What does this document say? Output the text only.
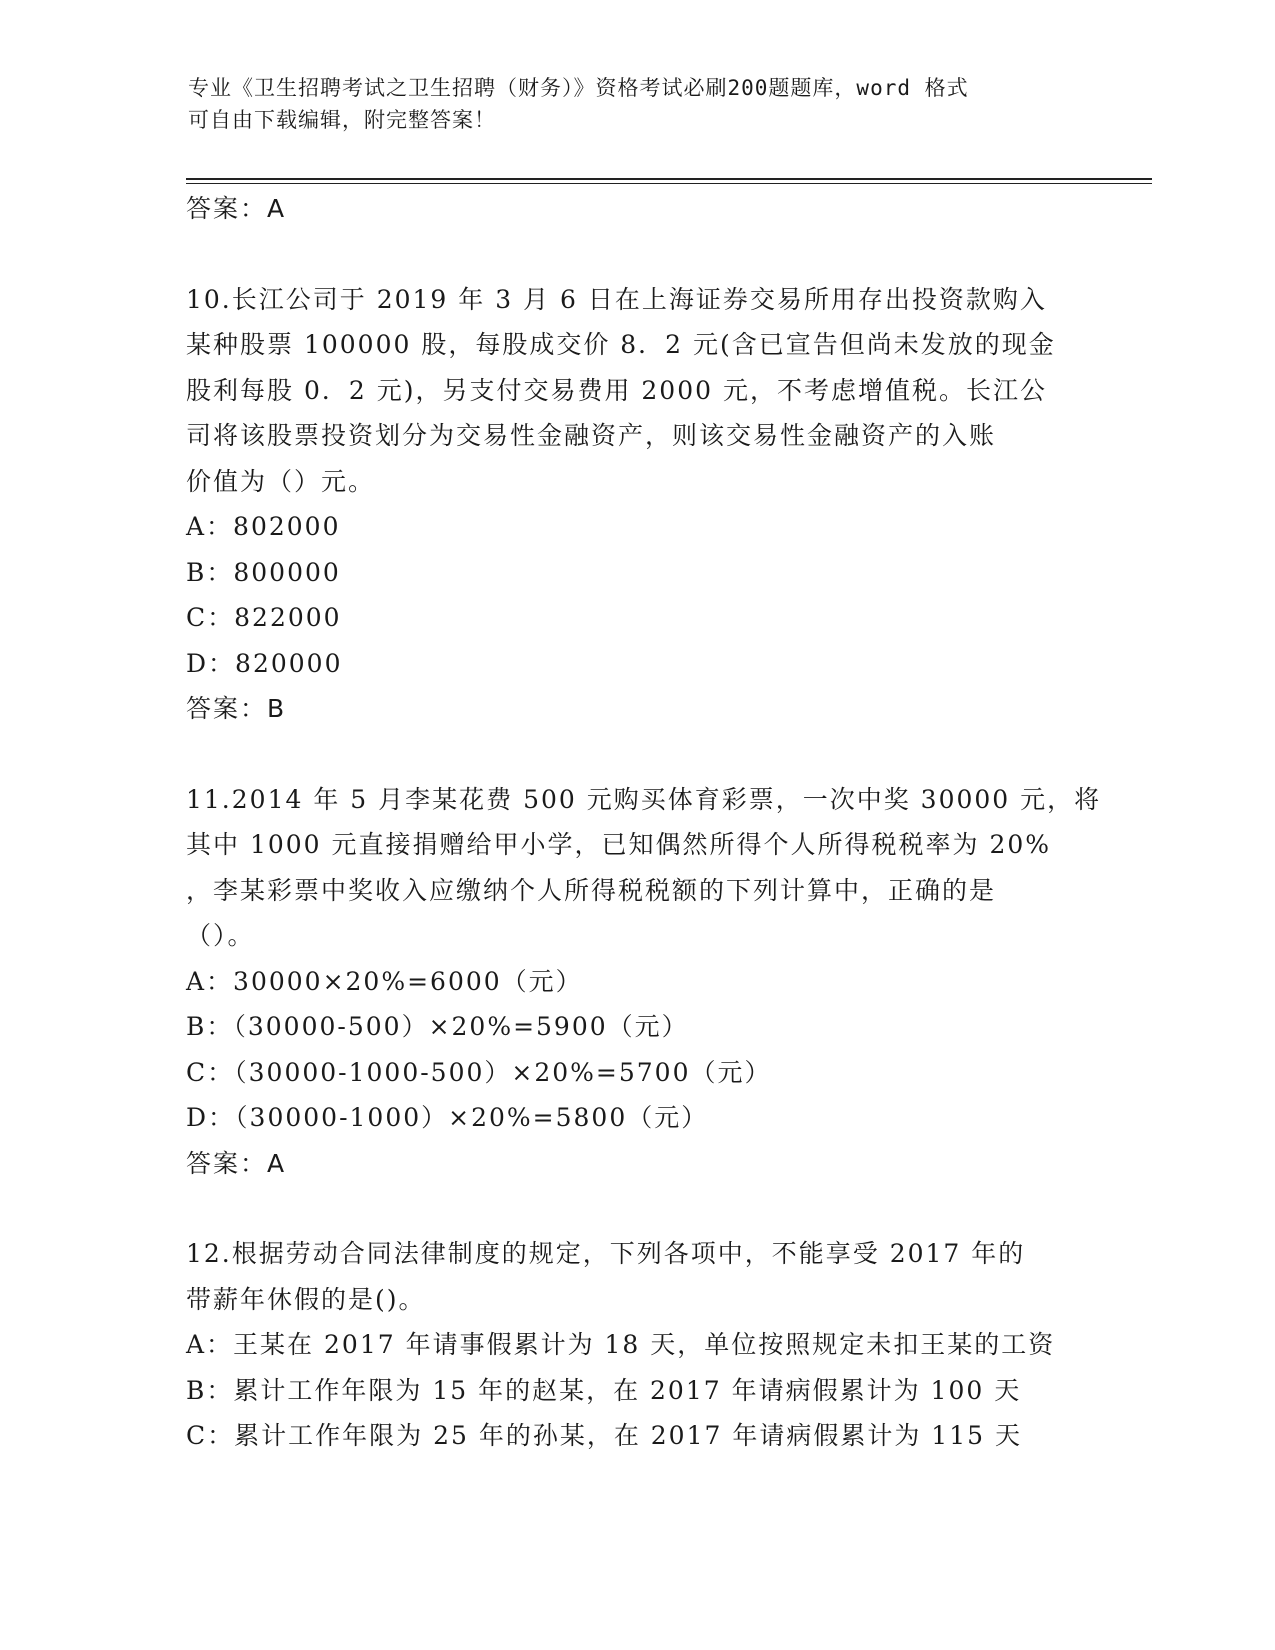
专业《卫生招聘考试之卫生招聘（财务）》资格考试必刷200题题库，word 格式
可自由下载编辑，附完整答案！
答案：A
10.长江公司于 2019 年 3 月 6 日在上海证券交易所用存出投资款购入
某种股票 100000 股，每股成交价 8．2 元(含已宣告但尚未发放的现金
股利每股 0．2 元)，另支付交易费用 2000 元，不考虑增值税。长江公
司将该股票投资划分为交易性金融资产，则该交易性金融资产的入账
价值为（）元。
A：802000
B：800000
C：822000
D：820000
答案：B
11.2014 年 5 月李某花费 500 元购买体育彩票，一次中奖 30000 元，将
其中 1000 元直接捐赠给甲小学，已知偶然所得个人所得税税率为 20%
，李某彩票中奖收入应缴纳个人所得税税额的下列计算中，正确的是
（）。
A：30000×20%=6000（元）
B：（30000-500）×20%=5900（元）
C：（30000-1000-500）×20%=5700（元）
D：（30000-1000）×20%=5800（元）
答案：A
12.根据劳动合同法律制度的规定，下列各项中，不能享受 2017 年的
带薪年休假的是()。
A：王某在 2017 年请事假累计为 18 天，单位按照规定未扣王某的工资
B：累计工作年限为 15 年的赵某，在 2017 年请病假累计为 100 天
C：累计工作年限为 25 年的孙某，在 2017 年请病假累计为 115 天
